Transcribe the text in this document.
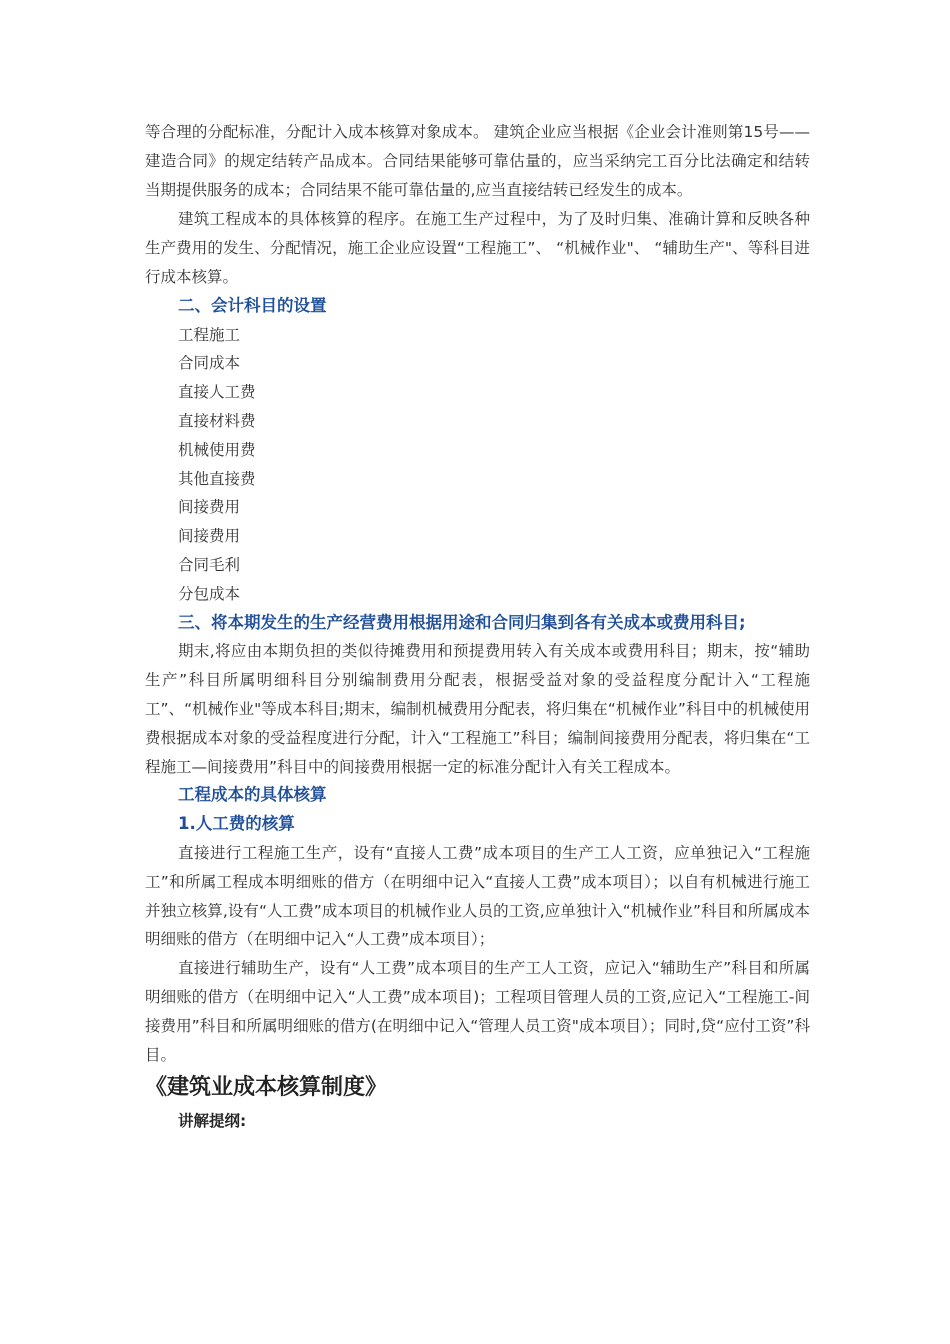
等合理的分配标准，分配计入成本核算对象成本。 建筑企业应当根据《企业会计准则第15号——建造合同》的规定结转产品成本。合同结果能够可靠估量的，应当采纳完工百分比法确定和结转当期提供服务的成本；合同结果不能可靠估量的,应当直接结转已经发生的成本。

建筑工程成本的具体核算的程序。在施工生产过程中，为了及时归集、准确计算和反映各种生产费用的发生、分配情况，施工企业应设置“工程施工”、 “机械作业"、 “辅助生产"、等科目进行成本核算。

二、会计科目的设置
工程施工
合同成本
直接人工费
直接材料费
机械使用费
其他直接费
间接费用
间接费用
合同毛利
分包成本
三、将本期发生的生产经营费用根据用途和合同归集到各有关成本或费用科目;

期末,将应由本期负担的类似待摊费用和预提费用转入有关成本或费用科目；期末，按“辅助生产”科目所属明细科目分别编制费用分配表，根据受益对象的受益程度分配计入“工程施工”、“机械作业"等成本科目;期末，编制机械费用分配表，将归集在“机械作业”科目中的机械使用费根据成本对象的受益程度进行分配，计入“工程施工”科目；编制间接费用分配表，将归集在“工程施工—间接费用”科目中的间接费用根据一定的标准分配计入有关工程成本。

工程成本的具体核算
1.人工费的核算

直接进行工程施工生产，设有“直接人工费”成本项目的生产工人工资，应单独记入“工程施工”和所属工程成本明细账的借方（在明细中记入“直接人工费”成本项目）；以自有机械进行施工并独立核算,设有“人工费”成本项目的机械作业人员的工资,应单独计入“机械作业”科目和所属成本明细账的借方（在明细中记入“人工费”成本项目）；

直接进行辅助生产，设有“人工费”成本项目的生产工人工资，应记入“辅助生产”科目和所属明细账的借方（在明细中记入“人工费”成本项目)；工程项目管理人员的工资,应记入“工程施工-间接费用”科目和所属明细账的借方(在明细中记入“管理人员工资"成本项目）；同时,贷“应付工资”科目。

《建筑业成本核算制度》
讲解提纲:
